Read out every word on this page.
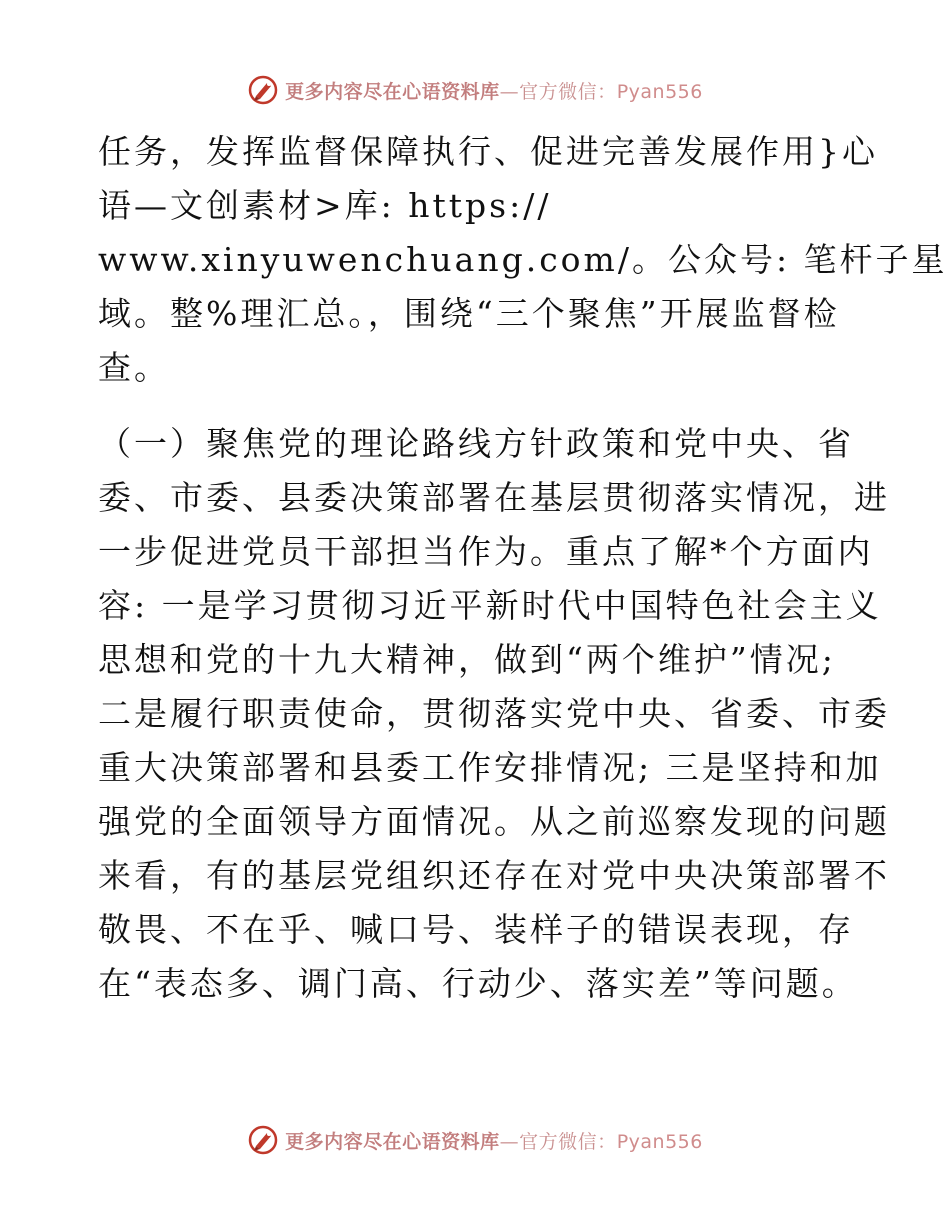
更多内容尽在心语资料库—官方微信：Pyan556
任务，发挥监督保障执行、促进完善发展作用}心
语—文创素材>库: https://
www.xinyuwenchuang.com/。公众号: 笔杆子星
域。整%理汇总。，围绕“三个聚焦”开展监督检
查。
（一）聚焦党的理论路线方针政策和党中央、省
委、市委、县委决策部署在基层贯彻落实情况，进
一步促进党员干部担当作为。重点了解*个方面内
容: 一是学习贯彻习近平新时代中国特色社会主义
思想和党的十九大精神，做到“两个维护”情况;
二是履行职责使命，贯彻落实党中央、省委、市委
重大决策部署和县委工作安排情况; 三是坚持和加
强党的全面领导方面情况。从之前巡察发现的问题
来看，有的基层党组织还存在对党中央决策部署不
敬畏、不在乎、喊口号、装样子的错误表现，存
在“表态多、调门高、行动少、落实差”等问题。
更多内容尽在心语资料库—官方微信：Pyan556
